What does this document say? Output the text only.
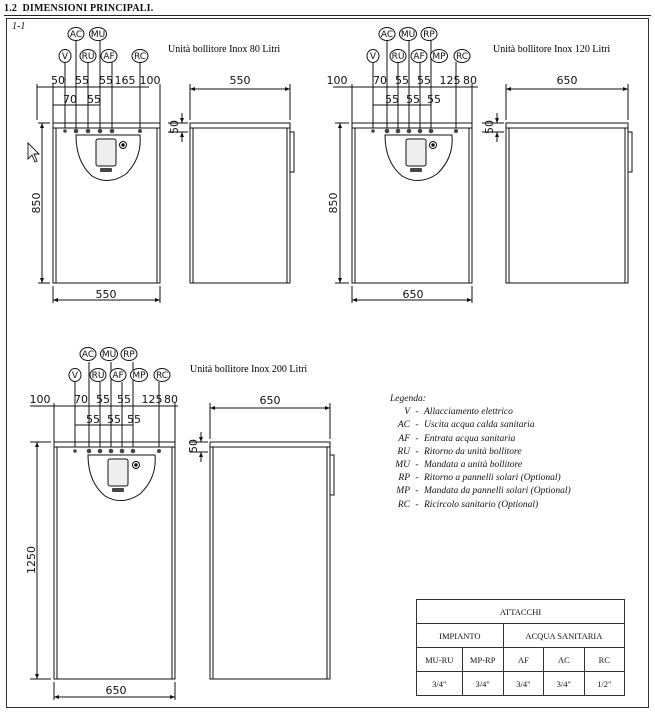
1.2 DIMENSIONI PRINCIPALI.
1-1
V
AC MU
RU AF RC	V
AC MU RP
RU AF MP RC
V
AC MU RP
RU AF MP RC
Unità bollitore Inox 80 Litri	Unità bollitore Inox 120 Litri
Unità bollitore Inox 200 Litri
50 55 55 165 100
70 55
550
550
100 70 55 55 125 80
55 55 55
650
650
100 70 55 55 125 80
55 55 55
650
650
850	850
1250
50	50
50
Legenda:
V - Allacciamento elettrico
AC - Uscita acqua calda sanitaria
AF - Entrata acqua sanitaria
RU - Ritorno da unità bollitore
MU - Mandata a unità bollitore
RP - Ritorno a pannelli solari (Optional)
MP - Mandata da pannelli solari (Optional)
RC - Ricircolo sanitario (Optional)
ATTACCHI				
IMPIANTO		ACQUA SANITARIA		
MU-RU	MP-RP	AF	AC	RC
3/4"	3/4"	3/4"	3/4"	1/2"
